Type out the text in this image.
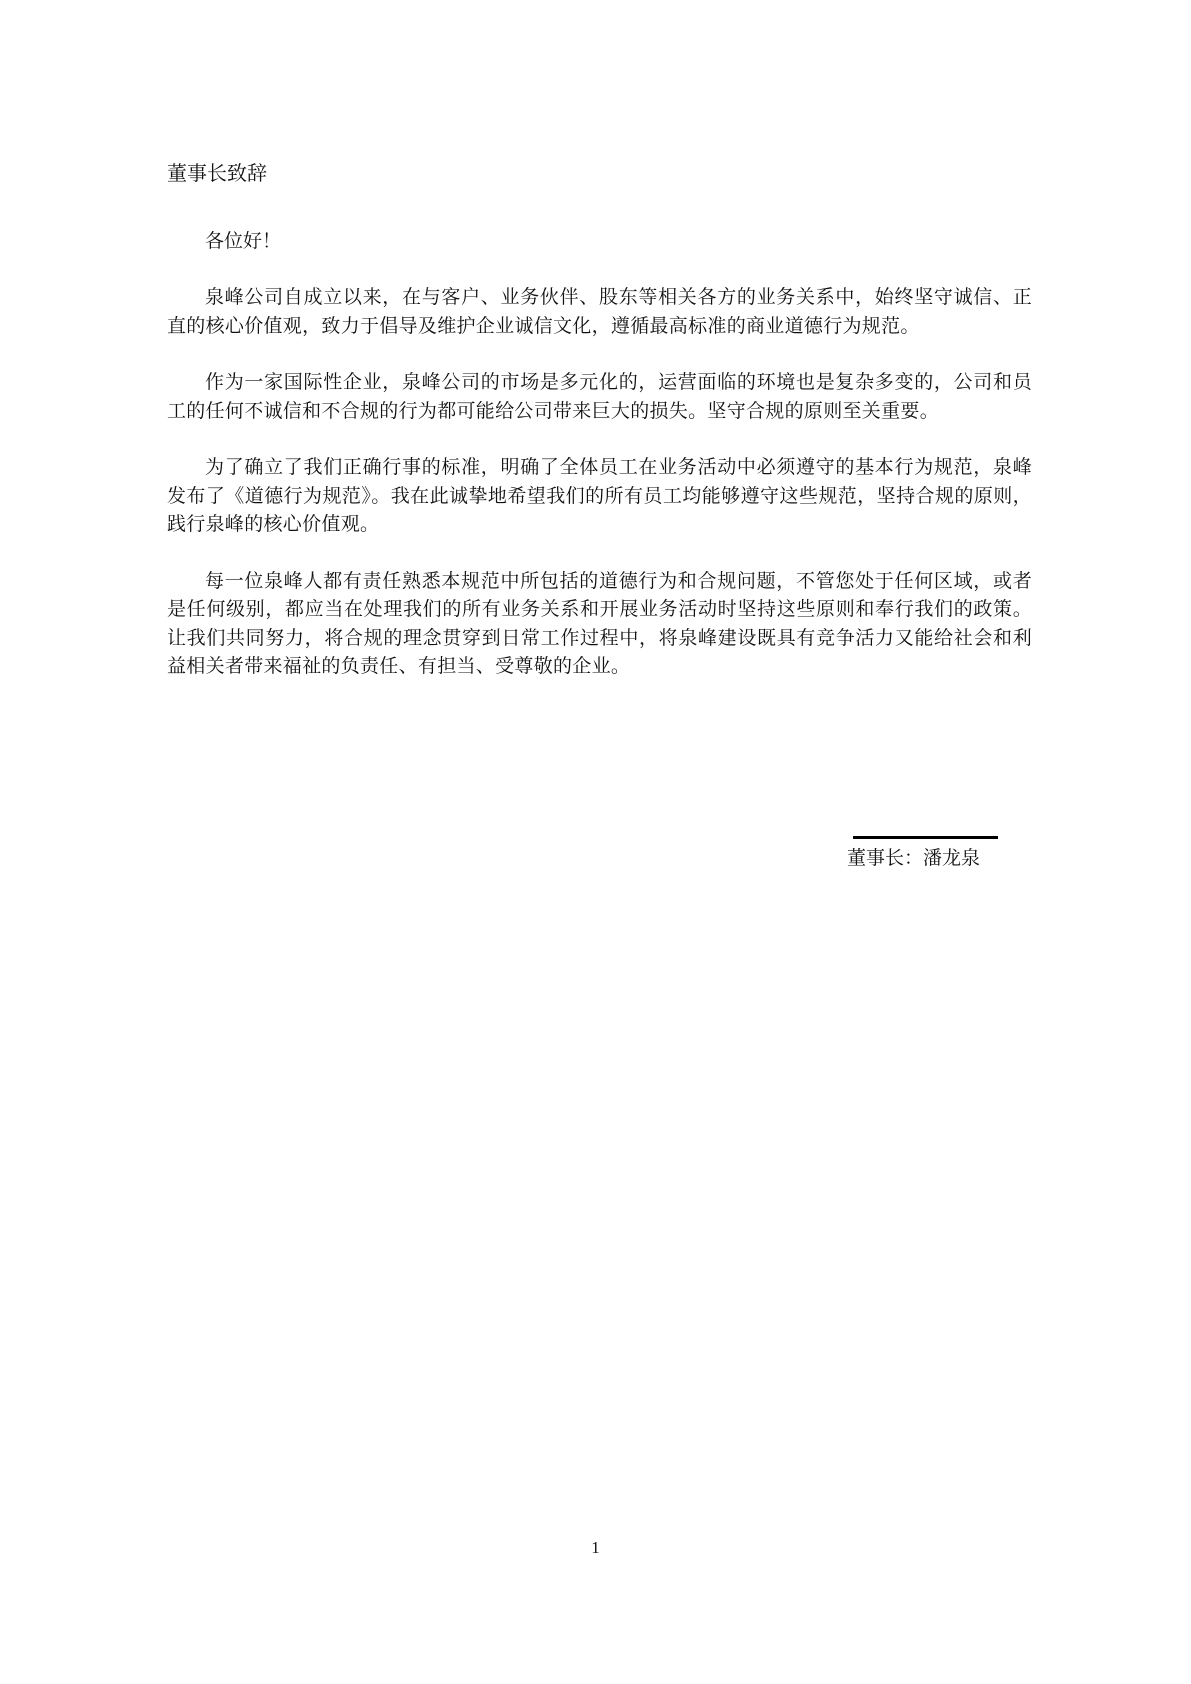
董事长致辞

各位好！

泉峰公司自成立以来，在与客户、业务伙伴、股东等相关各方的业务关系中，始终坚守诚信、正直的核心价值观，致力于倡导及维护企业诚信文化，遵循最高标准的商业道德行为规范。

作为一家国际性企业，泉峰公司的市场是多元化的，运营面临的环境也是复杂多变的，公司和员工的任何不诚信和不合规的行为都可能给公司带来巨大的损失。坚守合规的原则至关重要。

为了确立了我们正确行事的标准，明确了全体员工在业务活动中必须遵守的基本行为规范，泉峰发布了《道德行为规范》。我在此诚挚地希望我们的所有员工均能够遵守这些规范，坚持合规的原则，践行泉峰的核心价值观。

每一位泉峰人都有责任熟悉本规范中所包括的道德行为和合规问题，不管您处于任何区域，或者是任何级别，都应当在处理我们的所有业务关系和开展业务活动时坚持这些原则和奉行我们的政策。让我们共同努力，将合规的理念贯穿到日常工作过程中，将泉峰建设既具有竞争活力又能给社会和利益相关者带来福祉的负责任、有担当、受尊敬的企业。

董事长：潘龙泉
1
